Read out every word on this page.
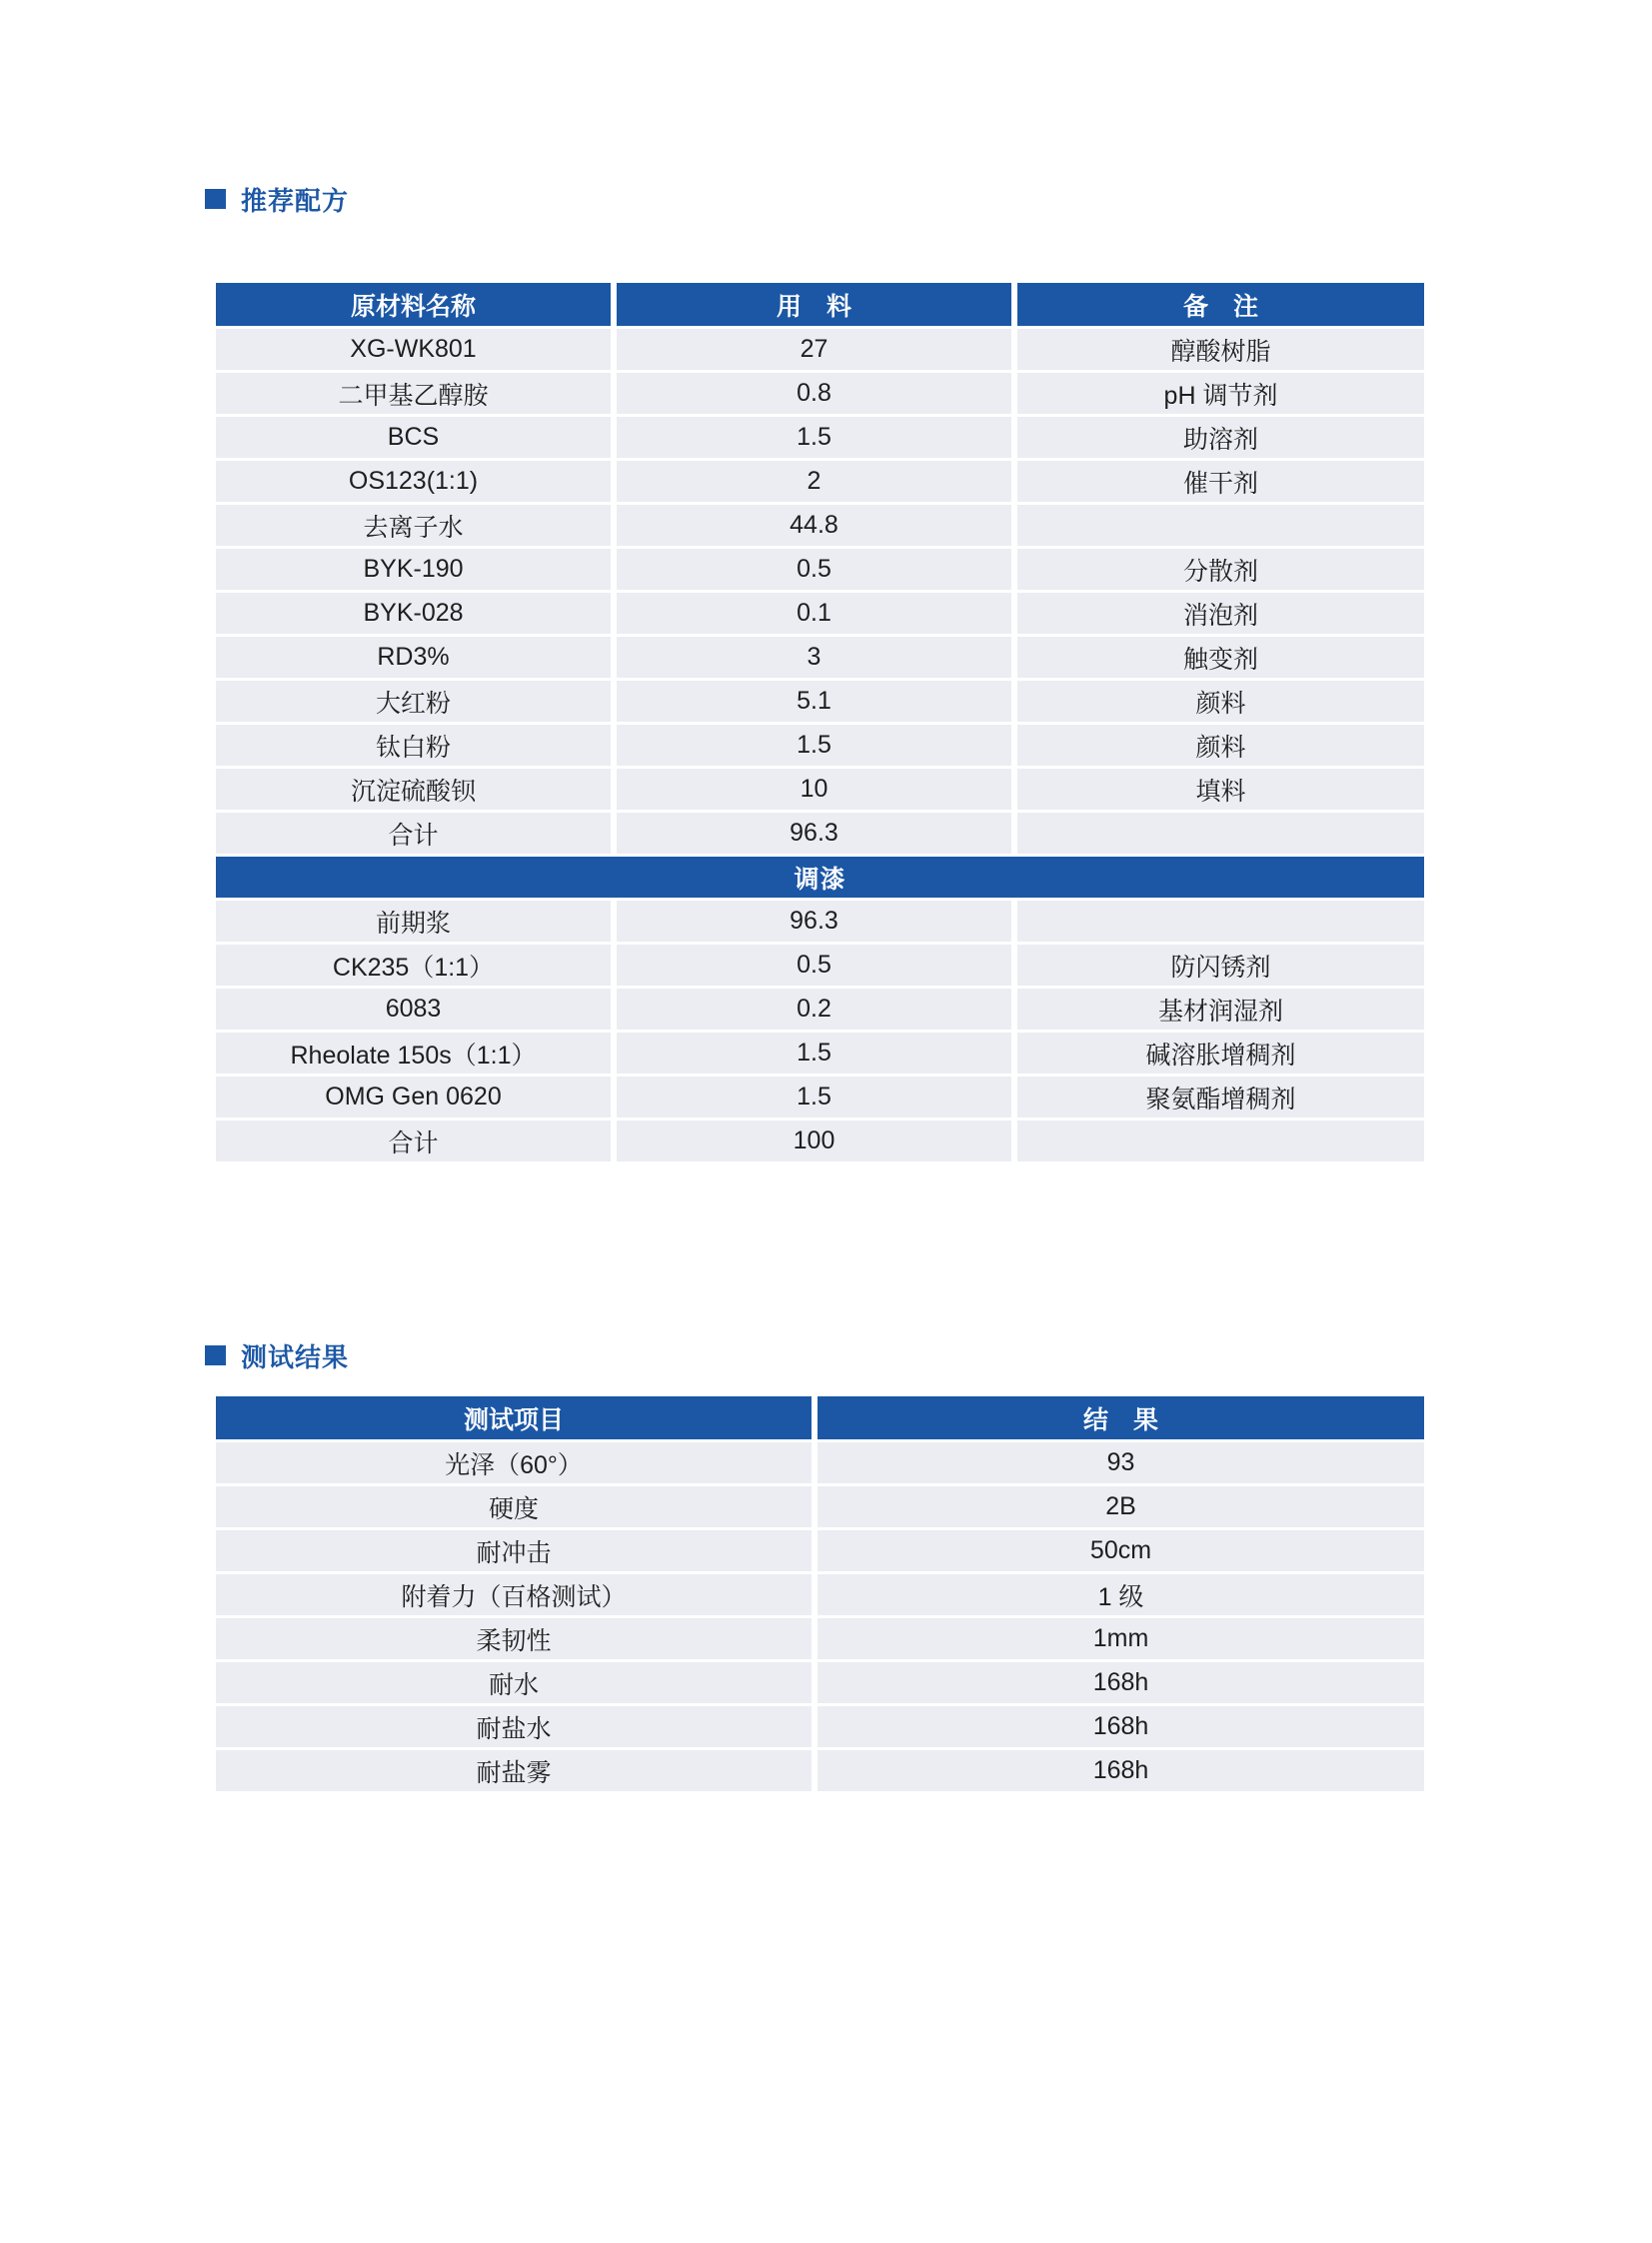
推荐配方
原材料名称	用　料	备　注
XG-WK801	27	醇酸树脂
二甲基乙醇胺	0.8	pH 调节剂
BCS	1.5	助溶剂
OS123(1:1)	2	催干剂
去离子水	44.8
BYK-190	0.5	分散剂
BYK-028	0.1	消泡剂
RD3%	3	触变剂
大红粉	5.1	颜料
钛白粉	1.5	颜料
沉淀硫酸钡	10	填料
合计	96.3
调漆
前期浆	96.3
CK235（1:1）	0.5	防闪锈剂
6083	0.2	基材润湿剂
Rheolate 150s（1:1）	1.5	碱溶胀增稠剂
OMG Gen 0620	1.5	聚氨酯增稠剂
合计	100
测试结果
测试项目	结　果
光泽（60°）	93
硬度	2B
耐冲击	50cm
附着力（百格测试）	1 级
柔韧性	1mm
耐水	168h
耐盐水	168h
耐盐雾	168h
